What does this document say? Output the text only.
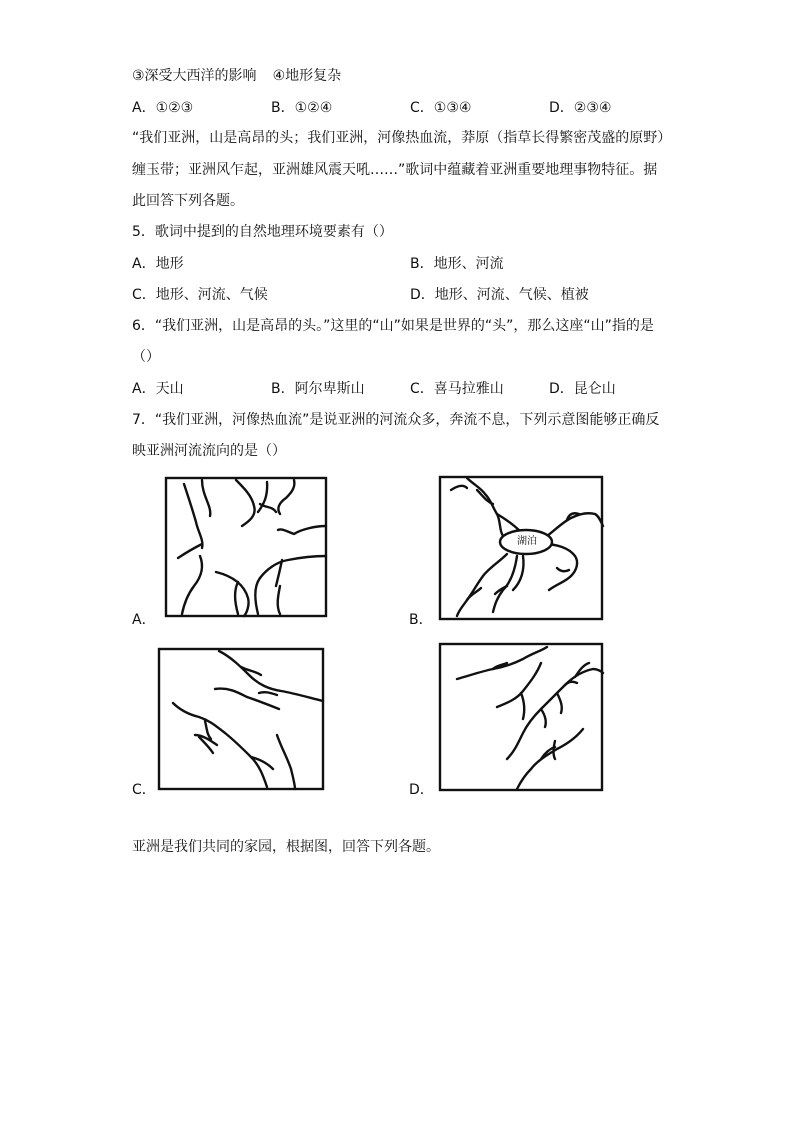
③深受大西洋的影响 ④地形复杂
A．①②③	B．①②④	C．①③④	D．②③④
“我们亚洲，山是高昂的头；我们亚洲，河像热血流，莽原（指草长得繁密茂盛的原野）
缠玉带；亚洲风乍起，亚洲雄风震天吼……”歌词中蕴藏着亚洲重要地理事物特征。据
此回答下列各题。
5．歌词中提到的自然地理环境要素有（）
A．地形	B．地形、河流
C．地形、河流、气候	D．地形、河流、气候、植被
6．“我们亚洲，山是高昂的头。”这里的“山”如果是世界的“头”，那么这座“山”指的是
（）
A．天山	B．阿尔卑斯山	C．喜马拉雅山	D．昆仑山
7．“我们亚洲，河像热血流”是说亚洲的河流众多，奔流不息，下列示意图能够正确反
映亚洲河流流向的是（）
A．
湖泊
B．
C．	D．
亚洲是我们共同的家园，根据图，回答下列各题。
